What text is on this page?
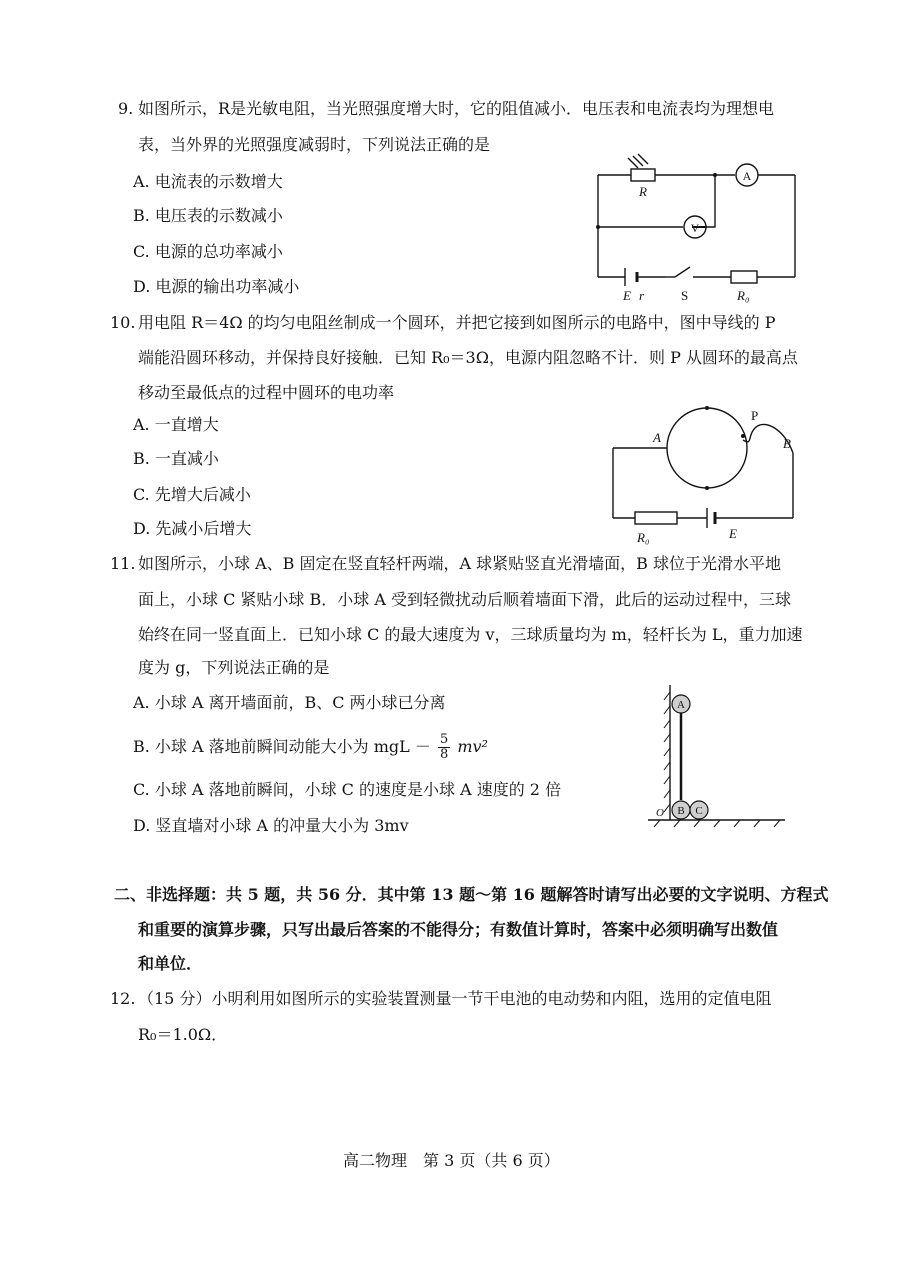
9. 如图所示，R是光敏电阻，当光照强度增大时，它的阻值减小．电压表和电流表均为理想电
表，当外界的光照强度减弱时，下列说法正确的是
A. 电流表的示数增大
B. 电压表的示数减小
C. 电源的总功率减小
D. 电源的输出功率减小
R
A
V
E r	S	R₀
10. 用电阻 R＝4Ω 的均匀电阻丝制成一个圆环，并把它接到如图所示的电路中，图中导线的 P
端能沿圆环移动，并保持良好接触．已知 R₀＝3Ω，电源内阻忽略不计．则 P 从圆环的最高点
移动至最低点的过程中圆环的电功率
A. 一直增大
B. 一直减小
C. 先增大后减小
D. 先减小后增大
A
P
B
R₀	E
11. 如图所示，小球 A、B 固定在竖直轻杆两端，A 球紧贴竖直光滑墙面，B 球位于光滑水平地
面上，小球 C 紧贴小球 B．小球 A 受到轻微扰动后顺着墙面下滑，此后的运动过程中，三球
始终在同一竖直面上．已知小球 C 的最大速度为 v，三球质量均为 m，轻杆长为 L，重力加速
度为 g，下列说法正确的是
A. 小球 A 离开墙面前，B、C 两小球已分离
B. 小球 A 落地前瞬间动能大小为 mgL － $\frac{5}{8} mv^2$
C. 小球 A 落地前瞬间，小球 C 的速度是小球 A 速度的 2 倍
D. 竖直墙对小球 A 的冲量大小为 3mv
A
B C
O
二、非选择题：共 5 题，共 56 分．其中第 13 题～第 16 题解答时请写出必要的文字说明、方程式
和重要的演算步骤，只写出最后答案的不能得分；有数值计算时，答案中必须明确写出数值
和单位．
12. （15 分）小明利用如图所示的实验装置测量一节干电池的电动势和内阻，选用的定值电阻
R₀＝1.0Ω．
高二物理　第 3 页（共 6 页）
